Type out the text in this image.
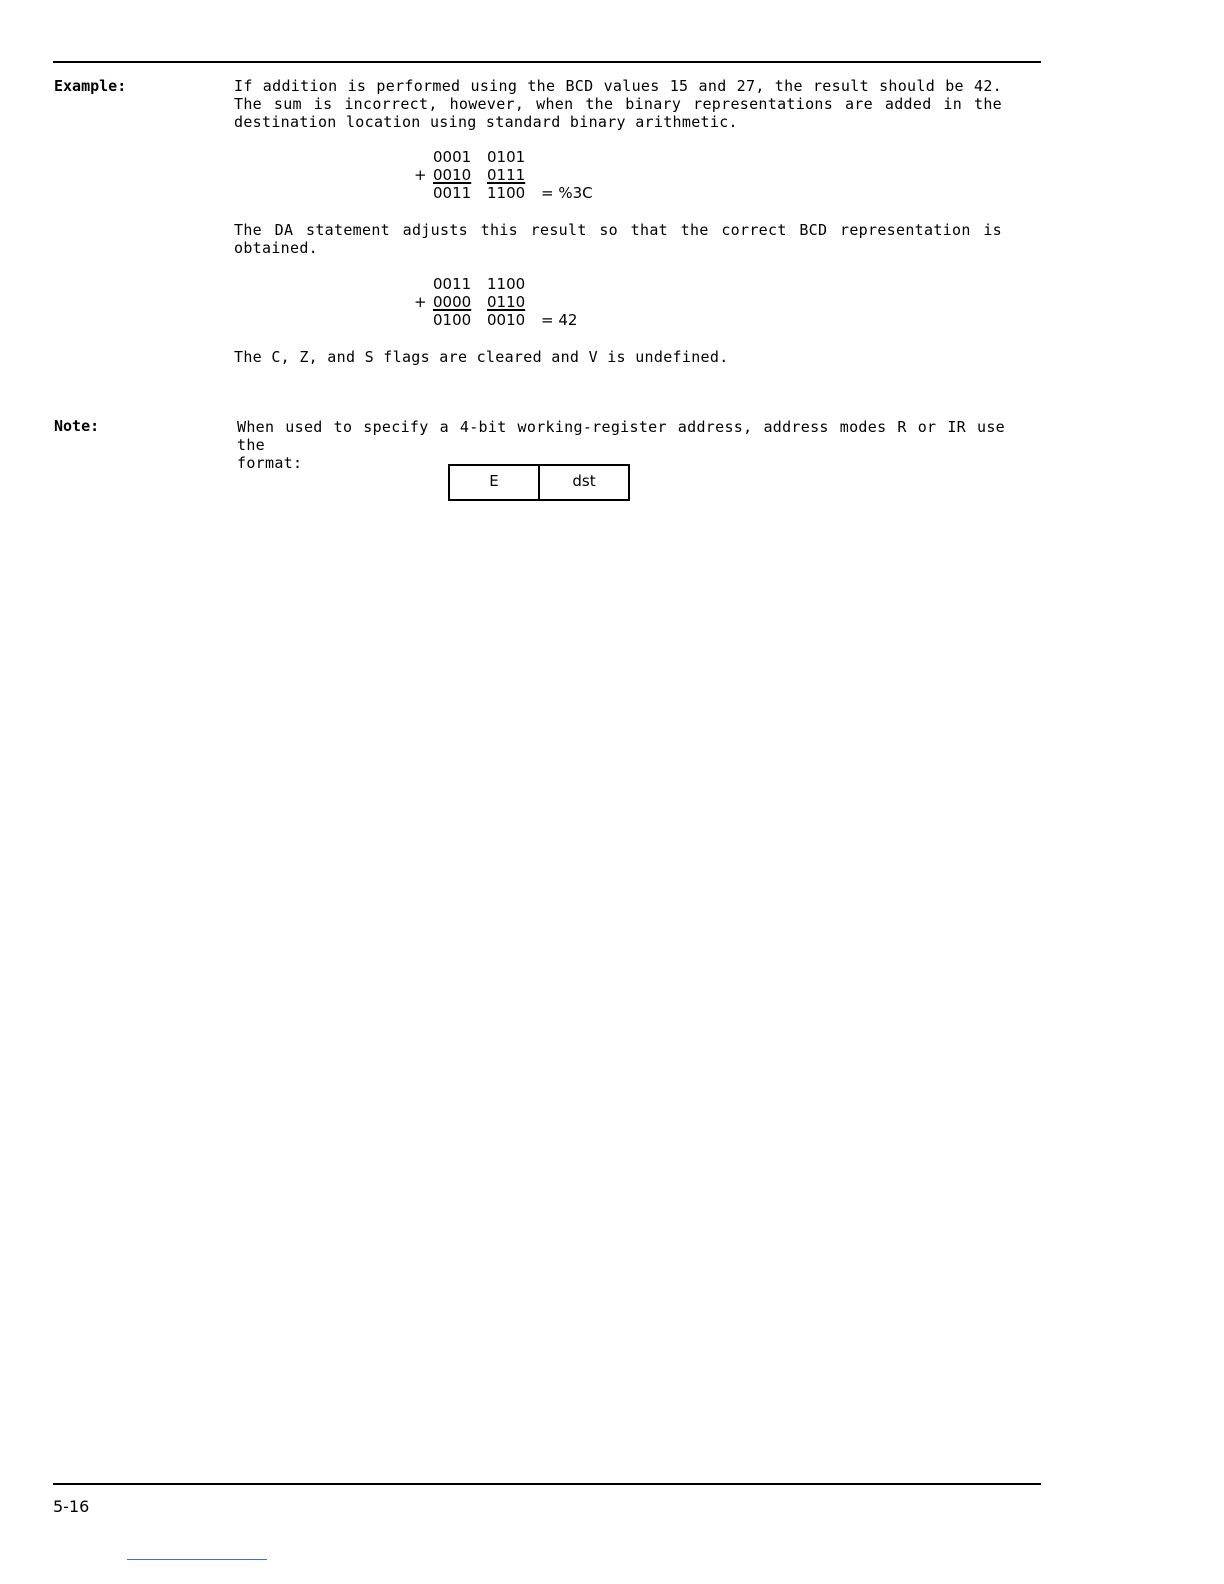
Example:	If addition is performed using the BCD values 15 and 27, the result should be 42.
The sum is incorrect, however, when the binary representations are added in the
destination location using standard binary arithmetic.
0001 0101
+ 0010 0111
0011 1100 = %3C
The DA statement adjusts this result so that the correct BCD representation is
obtained.
0011 1100
+ 0000 0110
0100 0010 = 42
The C, Z, and S flags are cleared and V is undefined.
Note:	When used to specify a 4-bit working-register address, address modes R or IR use the
format:
E	dst
5-16
